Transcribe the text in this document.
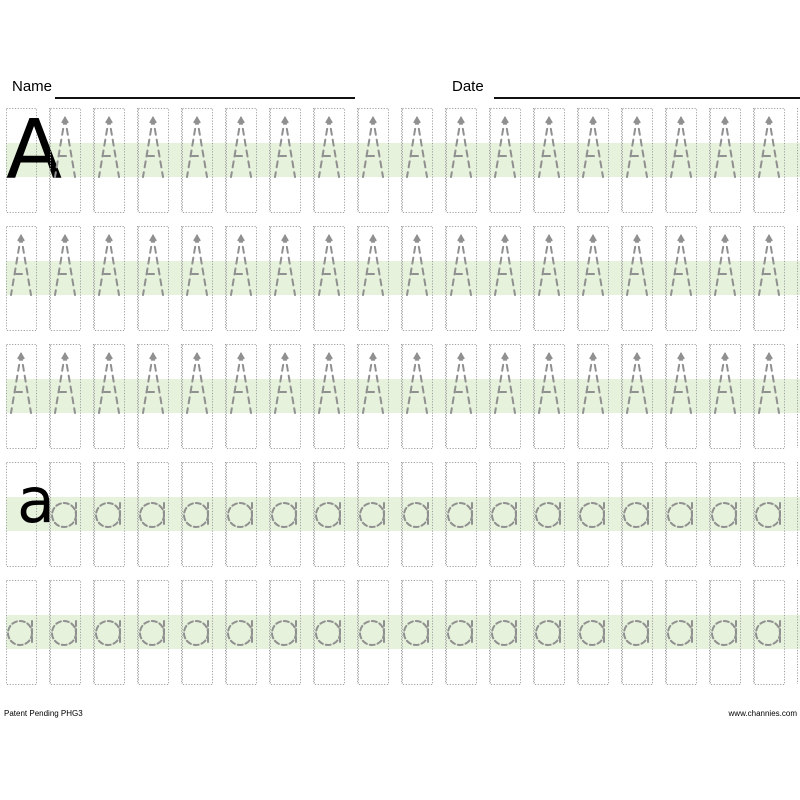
Name	Date
A
a
Patent Pending PHG3	www.channies.com
